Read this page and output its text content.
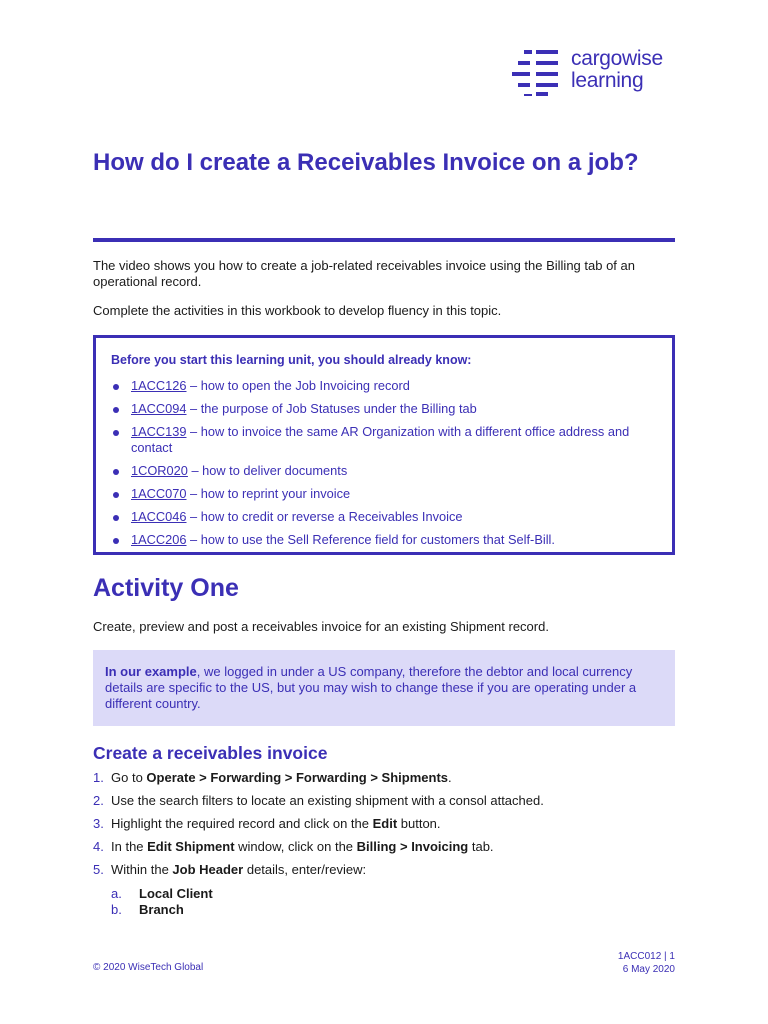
cargowise
learning
How do I create a Receivables Invoice on a job?

The video shows you how to create a job-related receivables invoice using the Billing tab of an operational record.

Complete the activities in this workbook to develop fluency in this topic.

Before you start this learning unit, you should already know:
1ACC126 – how to open the Job Invoicing record
1ACC094 – the purpose of Job Statuses under the Billing tab
1ACC139 – how to invoice the same AR Organization with a different office address and contact
1COR020 – how to deliver documents
1ACC070 – how to reprint your invoice
1ACC046 – how to credit or reverse a Receivables Invoice
1ACC206 – how to use the Sell Reference field for customers that Self-Bill.
Activity One

Create, preview and post a receivables invoice for an existing Shipment record.

In our example, we logged in under a US company, therefore the debtor and local currency details are specific to the US, but you may wish to change these if you are operating under a different country.
Create a receivables invoice
1. Go to Operate > Forwarding > Forwarding > Shipments.
2. Use the search filters to locate an existing shipment with a consol attached.
3. Highlight the required record and click on the Edit button.
4. In the Edit Shipment window, click on the Billing > Invoicing tab.
5. Within the Job Header details, enter/review:
a. Local Client
b. Branch
© 2020 WiseTech Global
1ACC012 | 1
6 May 2020
